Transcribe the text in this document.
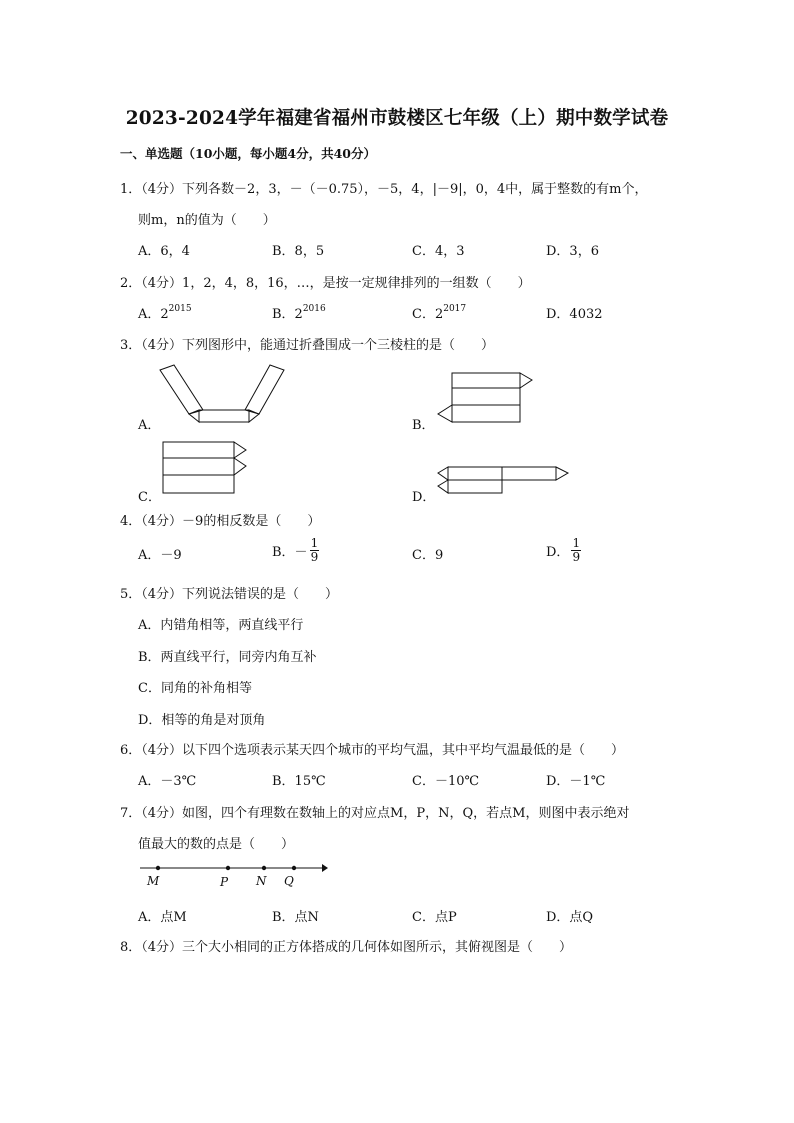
2023-2024学年福建省福州市鼓楼区七年级（上）期中数学试卷
一、单选题（10小题，每小题4分，共40分）
1．（4分）下列各数－2，3，－（－0.75），－5，4，|－9|，0，4中，属于整数的有m个，
则m，n的值为（　　）
A．6，4	B．8，5	C．4，3	D．3，6
2．（4分）1，2，4，8，16，…，是按一定规律排列的一组数（　　）
A．$2^{2015}$	B．$2^{2016}$	C．$2^{2017}$	D．4032
3．（4分）下列图形中，能通过折叠围成一个三棱柱的是（　　）
A．	B．
C．	D．
4．（4分）－9的相反数是（　　）
A．－9	B．－ $\frac{1}{9}$	C．9	D． $\frac{1}{9}$
5．（4分）下列说法错误的是（　　）
A．内错角相等，两直线平行
B．两直线平行，同旁内角互补
C．同角的补角相等
D．相等的角是对顶角
6．（4分）以下四个选项表示某天四个城市的平均气温，其中平均气温最低的是（　　）
A．－3℃	B．15℃	C．－10℃	D．－1℃
7．（4分）如图，四个有理数在数轴上的对应点M，P，N，Q，若点M，则图中表示绝对
值最大的数的点是（　　）
M	P N Q
A．点M	B．点N	C．点P	D．点Q
8．（4分）三个大小相同的正方体搭成的几何体如图所示，其俯视图是（　　）
